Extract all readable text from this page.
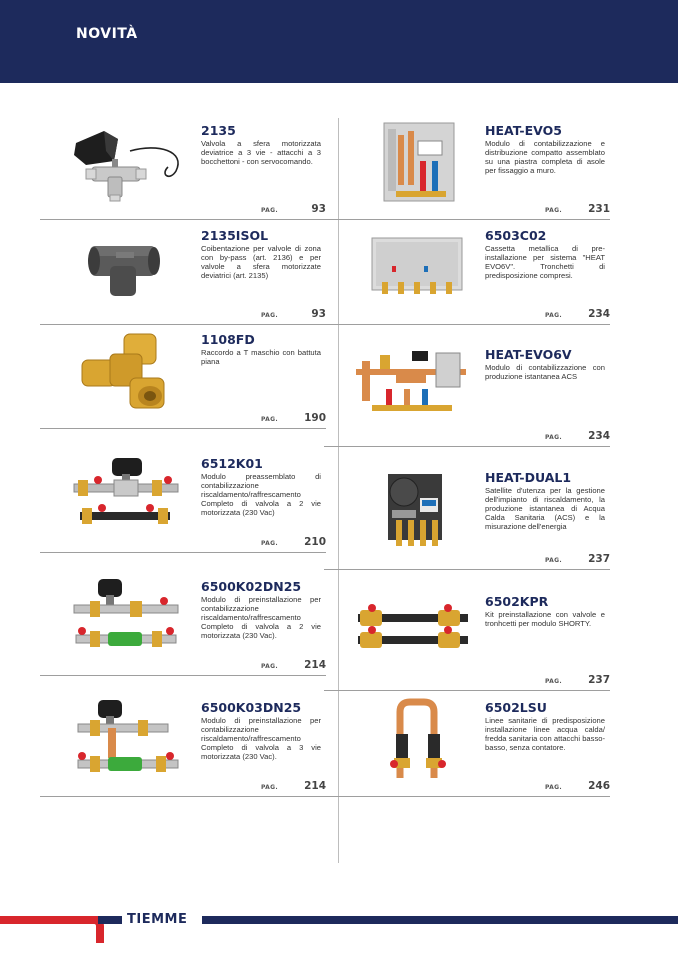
NOVITÀ
2135
Valvola a sfera motorizzata deviatrice a 3 vie - attacchi a 3 bocchettoni - con servocomando.
PAG.	93
2135ISOL
Coibentazione per valvole di zona con by-pass (art. 2136) e per valvole a sfera motorizzate deviatrici (art. 2135)
PAG.	93
1108FD
Raccordo a T maschio con battuta piana
PAG.	190
6512K01
Modulo preassemblato di contabilizzazione riscaldamento/raffrescamento Completo di valvola a 2 vie motorizzata (230 Vac)
PAG.	210
6500K02DN25
Modulo di preinstallazione per contabilizzazione riscaldamento/raffrescamento Completo di valvola a 2 vie motorizzata (230 Vac).
PAG.	214
6500K03DN25
Modulo di preinstallazione per contabilizzazione riscaldamento/raffrescamento Completo di valvola a 3 vie motorizzata (230 Vac).
PAG.	214
HEAT-EVO5
Modulo di contabilizzazione e distribuzione compatto assemblato su una piastra completa di asole per fissaggio a muro.
PAG.	231
6503C02
Cassetta metallica di pre-installazione per sistema "HEAT EVO6V". Tronchetti di predisposizione compresi.
PAG.	234
HEAT-EVO6V
Modulo di contabilizzazione con produzione istantanea ACS
PAG.	234
HEAT-DUAL1
Satellite d'utenza per la gestione dell'impianto di riscaldamento, la produzione istantanea di Acqua Calda Sanitaria (ACS) e la misurazione dell'energia
PAG.	237
6502KPR
Kit preinstallazione con valvole e tronhcetti per modulo SHORTY.
PAG.	237
6502LSU
Linee sanitarie di predisposizione installazione linee acqua calda/ fredda sanitaria con attacchi basso-basso, senza contatore.
PAG.	246
TIEMME
